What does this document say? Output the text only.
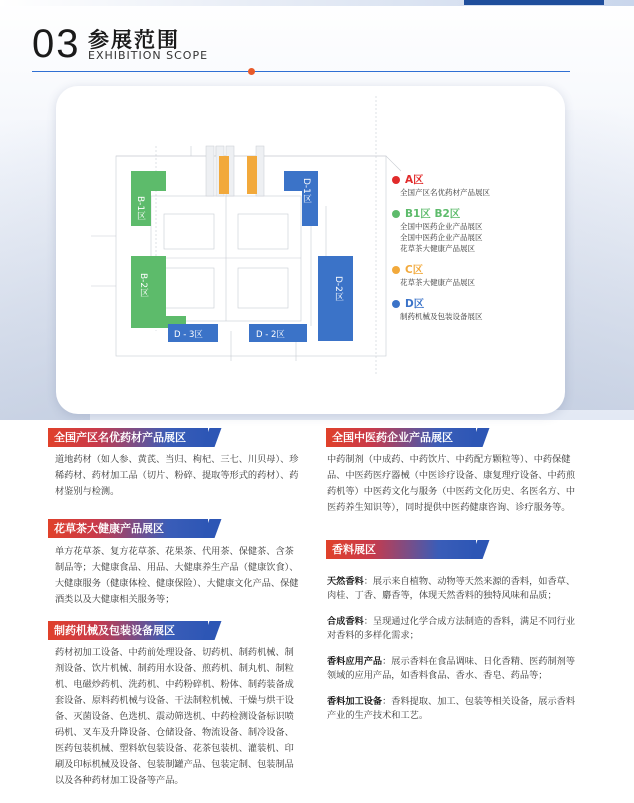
03 参展范围
EXHIBITION SCOPE
B-1区
B-2区
D-1区
D-2区
D - 3区	D - 2区
A区
全国产区名优药材产品展区
B1区 B2区
全国中医药企业产品展区
全国中医药企业产品展区
花草茶大健康产品展区
C区
花草茶大健康产品展区
D区
制药机械及包装设备展区
全国产区名优药材产品展区
道地药材（如人参、黄芪、当归、枸杞、三七、川贝母）、珍稀药材、药材加工品（切片、粉碎、提取等形式的药材）、药材鉴别与检测。
花草茶大健康产品展区
单方花草茶、复方花草茶、花果茶、代用茶、保健茶、含茶制品等；大健康食品、用品、大健康养生产品（健康饮食）、大健康服务（健康体检、健康保险）、大健康文化产品、保健酒类以及大健康相关服务等；
制药机械及包装设备展区
药材初加工设备、中药前处理设备、切药机、制药机械、制剂设备、饮片机械、制药用水设备、煎药机、制丸机、制粒机、电磁炒药机、洗药机、中药粉碎机、粉体、制药装备成套设备、原料药机械与设备、干法制粒机械、干燥与烘干设备、灭菌设备、色选机、震动筛选机、中药检测设备标识喷码机、叉车及升降设备、仓储设备、物流设备、制冷设备、医药包装机械、塑料软包装设备、花茶包装机、灌装机、印刷及印标机械及设备、包装制罐产品、包装定制、包装制品以及各种药材加工设备等产品。
全国中医药企业产品展区
中药制剂（中成药、中药饮片、中药配方颗粒等）、中药保健品、中医药医疗器械（中医诊疗设备、康复理疗设备、中药煎药机等）中医药文化与服务（中医药文化历史、名医名方、中医药养生知识等），同时提供中医药健康咨询、诊疗服务等。
香料展区

天然香料：展示来自植物、动物等天然来源的香料，如香草、肉桂、丁香、麝香等，体现天然香料的独特风味和品质；

合成香料：呈现通过化学合成方法制造的香料，满足不同行业对香料的多样化需求；

香料应用产品：展示香料在食品调味、日化香精、医药制剂等领域的应用产品，如香料食品、香水、香皂、药品等；

香料加工设备：香料提取、加工、包装等相关设备，展示香料产业的生产技术和工艺。
